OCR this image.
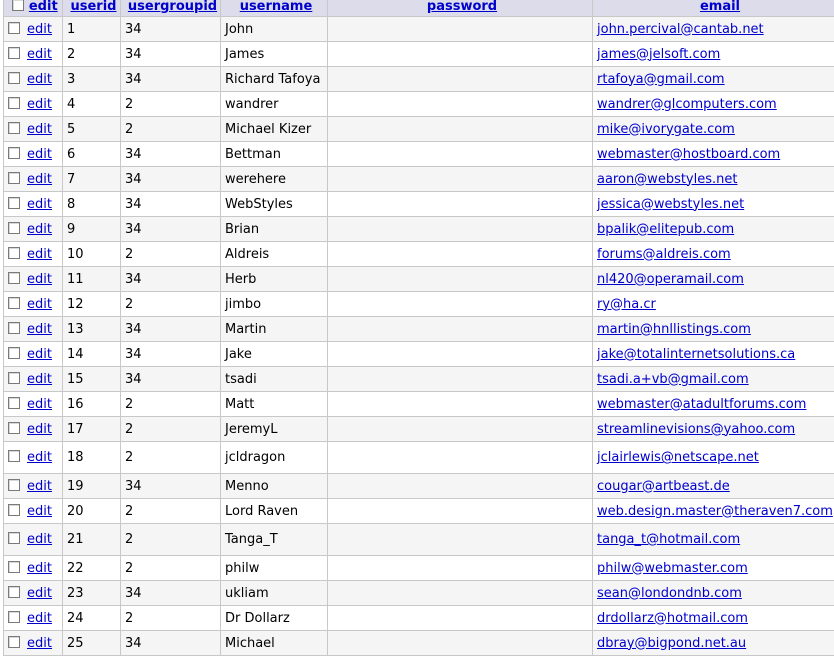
edit	userid	usergroupid	username	password	email
edit	1	34	John		john.percival@cantab.net
edit	2	34	James		james@jelsoft.com
edit	3	34	Richard Tafoya		rtafoya@gmail.com
edit	4	2	wandrer		wandrer@glcomputers.com
edit	5	2	Michael Kizer		mike@ivorygate.com
edit	6	34	Bettman		webmaster@hostboard.com
edit	7	34	werehere		aaron@webstyles.net
edit	8	34	WebStyles		jessica@webstyles.net
edit	9	34	Brian		bpalik@elitepub.com
edit	10	2	Aldreis		forums@aldreis.com
edit	11	34	Herb		nl420@operamail.com
edit	12	2	jimbo		ry@ha.cr
edit	13	34	Martin		martin@hnllistings.com
edit	14	34	Jake		jake@totalinternetsolutions.ca
edit	15	34	tsadi		tsadi.a+vb@gmail.com
edit	16	2	Matt		webmaster@atadultforums.com
edit	17	2	JeremyL		streamlinevisions@yahoo.com
edit	18	2	jcldragon		jclairlewis@netscape.net
edit	19	34	Menno		cougar@artbeast.de
edit	20	2	Lord Raven		web.design.master@theraven7.com
edit	21	2	Tanga_T		tanga_t@hotmail.com
edit	22	2	philw		philw@webmaster.com
edit	23	34	ukliam		sean@londondnb.com
edit	24	2	Dr Dollarz		drdollarz@hotmail.com
edit	25	34	Michael		dbray@bigpond.net.au
